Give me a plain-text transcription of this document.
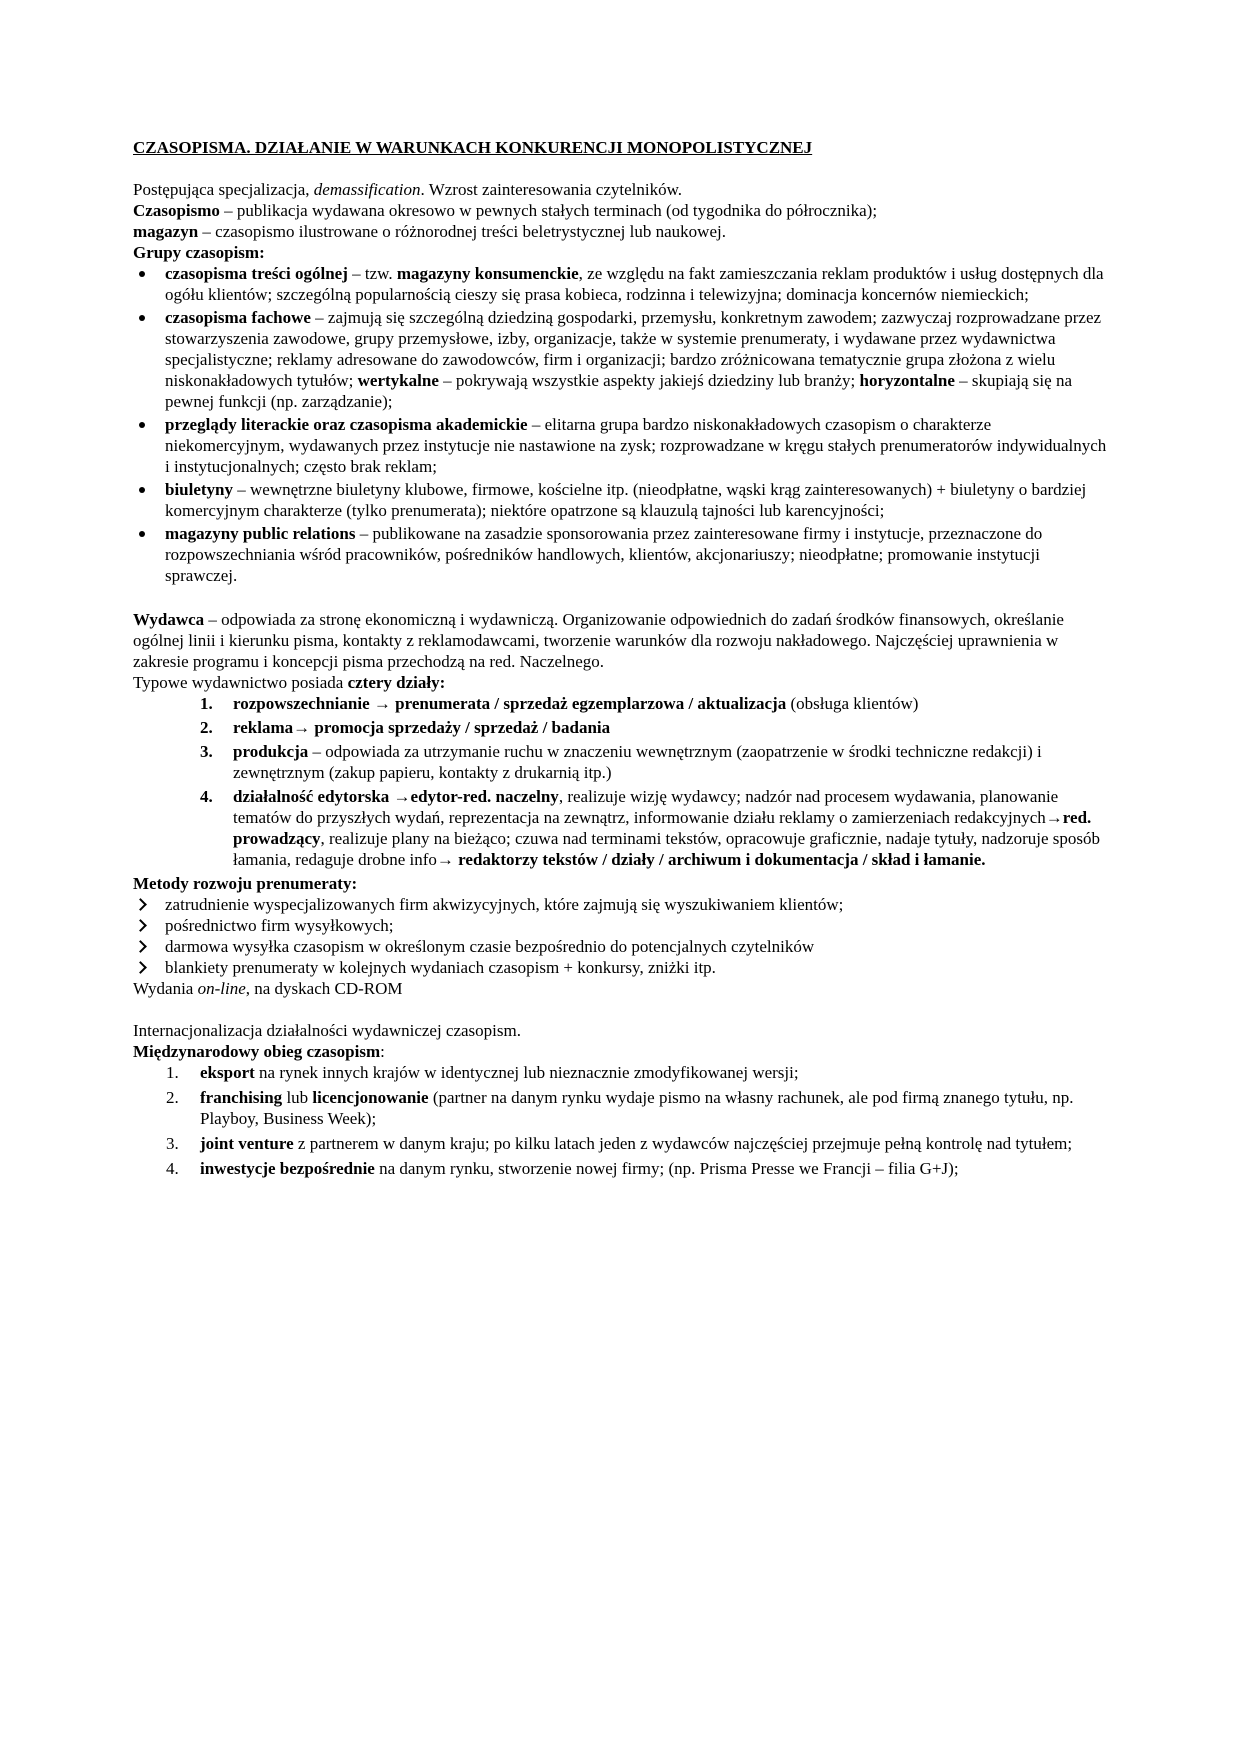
CZASOPISMA. DZIAŁANIE W WARUNKACH KONKURENCJI MONOPOLISTYCZNEJ

Postępująca specjalizacja, demassification. Wzrost zainteresowania czytelników.

Czasopismo – publikacja wydawana okresowo w pewnych stałych terminach (od tygodnika do półrocznika);

magazyn – czasopismo ilustrowane o różnorodnej treści beletrystycznej lub naukowej.

Grupy czasopism:

czasopisma treści ogólnej – tzw. magazyny konsumenckie, ze względu na fakt zamieszczania reklam produktów i usług dostępnych dla ogółu klientów; szczególną popularnością cieszy się prasa kobieca, rodzinna i telewizyjna; dominacja koncernów niemieckich;
czasopisma fachowe – zajmują się szczególną dziedziną gospodarki, przemysłu, konkretnym zawodem; zazwyczaj rozprowadzane przez stowarzyszenia zawodowe, grupy przemysłowe, izby, organizacje, także w systemie prenumeraty, i wydawane przez wydawnictwa specjalistyczne; reklamy adresowane do zawodowców, firm i organizacji; bardzo zróżnicowana tematycznie grupa złożona z wielu niskonakładowych tytułów; wertykalne – pokrywają wszystkie aspekty jakiejś dziedziny lub branży; horyzontalne – skupiają się na pewnej funkcji (np. zarządzanie);
przeglądy literackie oraz czasopisma akademickie – elitarna grupa bardzo niskonakładowych czasopism o charakterze niekomercyjnym, wydawanych przez instytucje nie nastawione na zysk; rozprowadzane w kręgu stałych prenumeratorów indywidualnych i instytucjonalnych; często brak reklam;
biuletyny – wewnętrzne biuletyny klubowe, firmowe, kościelne itp. (nieodpłatne, wąski krąg zainteresowanych) + biuletyny o bardziej komercyjnym charakterze (tylko prenumerata); niektóre opatrzone są klauzulą tajności lub karencyjności;
magazyny public relations – publikowane na zasadzie sponsorowania przez zainteresowane firmy i instytucje, przeznaczone do rozpowszechniania wśród pracowników, pośredników handlowych, klientów, akcjonariuszy; nieodpłatne; promowanie instytucji sprawczej.

Wydawca – odpowiada za stronę ekonomiczną i wydawniczą. Organizowanie odpowiednich do zadań środków finansowych, określanie ogólnej linii i kierunku pisma, kontakty z reklamodawcami, tworzenie warunków dla rozwoju nakładowego. Najczęściej uprawnienia w zakresie programu i koncepcji pisma przechodzą na red. Naczelnego.

Typowe wydawnictwo posiada cztery działy:

1. rozpowszechnianie → prenumerata / sprzedaż egzemplarzowa / aktualizacja (obsługa klientów)
2. reklama→ promocja sprzedaży / sprzedaż / badania
3. produkcja – odpowiada za utrzymanie ruchu w znaczeniu wewnętrznym (zaopatrzenie w środki techniczne redakcji) i zewnętrznym (zakup papieru, kontakty z drukarnią itp.)
4. działalność edytorska →edytor-red. naczelny, realizuje wizję wydawcy; nadzór nad procesem wydawania, planowanie tematów do przyszłych wydań, reprezentacja na zewnątrz, informowanie działu reklamy o zamierzeniach redakcyjnych→red. prowadzący, realizuje plany na bieżąco; czuwa nad terminami tekstów, opracowuje graficznie, nadaje tytuły, nadzoruje sposób łamania, redaguje drobne info→ redaktorzy tekstów / działy / archiwum i dokumentacja / skład i łamanie.

Metody rozwoju prenumeraty:

zatrudnienie wyspecjalizowanych firm akwizycyjnych, które zajmują się wyszukiwaniem klientów;
pośrednictwo firm wysyłkowych;
darmowa wysyłka czasopism w określonym czasie bezpośrednio do potencjalnych czytelników
blankiety prenumeraty w kolejnych wydaniach czasopism + konkursy, zniżki itp.

Wydania on-line, na dyskach CD-ROM

Internacjonalizacja działalności wydawniczej czasopism.

Międzynarodowy obieg czasopism:

1. eksport na rynek innych krajów w identycznej lub nieznacznie zmodyfikowanej wersji;
2. franchising lub licencjonowanie (partner na danym rynku wydaje pismo na własny rachunek, ale pod firmą znanego tytułu, np. Playboy, Business Week);
3. joint venture z partnerem w danym kraju; po kilku latach jeden z wydawców najczęściej przejmuje pełną kontrolę nad tytułem;
4. inwestycje bezpośrednie na danym rynku, stworzenie nowej firmy; (np. Prisma Presse we Francji – filia G+J);
